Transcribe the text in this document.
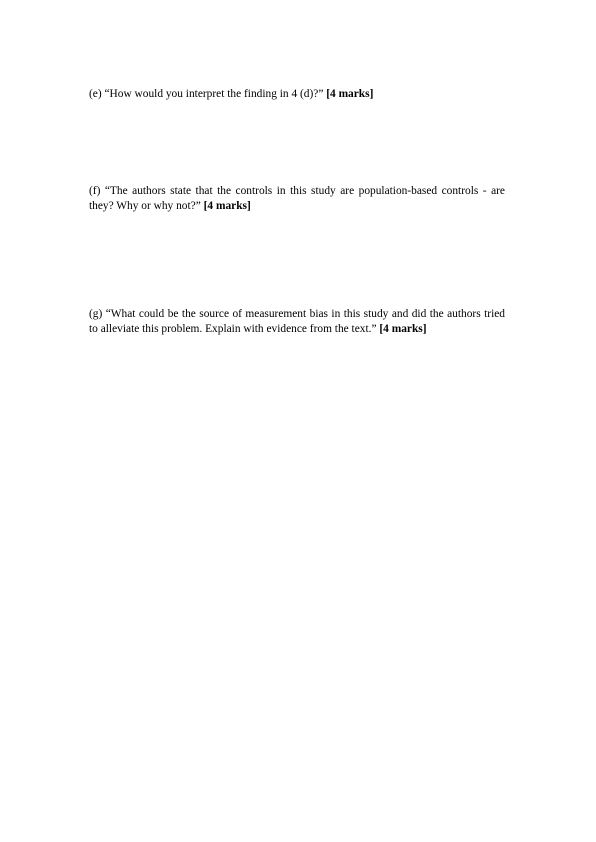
(e) “How would you interpret the finding in 4 (d)?” [4 marks]

(f) “The authors state that the controls in this study are population-based controls - are they? Why or why not?” [4 marks]

(g) “What could be the source of measurement bias in this study and did the authors tried to alleviate this problem. Explain with evidence from the text.” [4 marks]
